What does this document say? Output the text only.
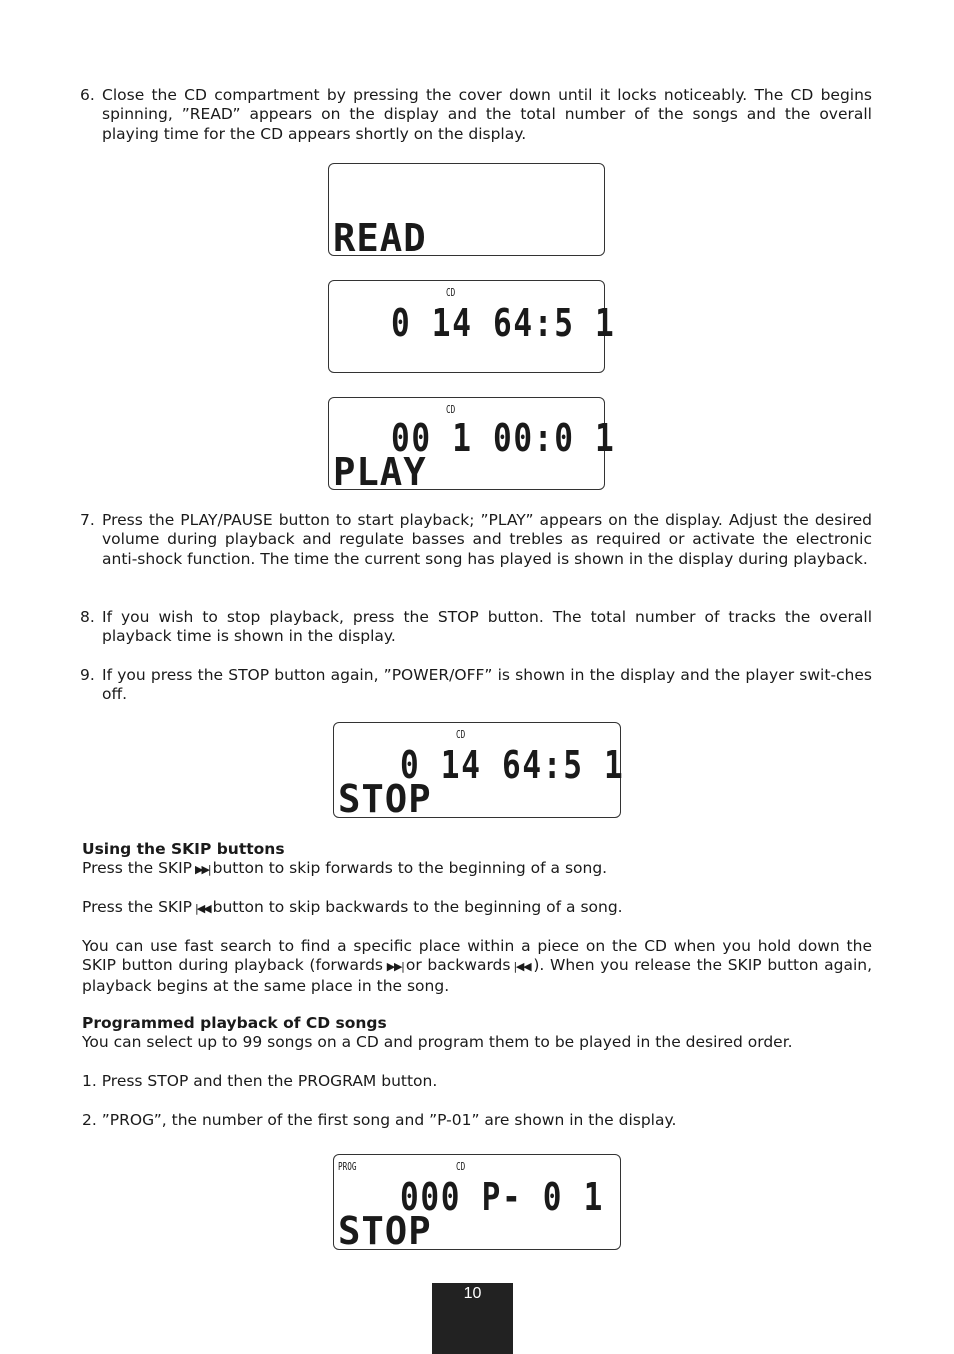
6. Close the CD compartment by pressing the cover down until it locks noticeably. The CD begins spinning, ”READ” appears on the display and the total number of the songs and the overall playing time for the CD appears shortly on the display.
READ
CD
0 14 64:5 1
CD
00 1 00:0 1
PLAY
7. Press the PLAY/PAUSE button to start playback; ”PLAY” appears on the display. Adjust the desired volume during playback and regulate basses and trebles as required or activate the electronic anti-shock function. The time the current song has played is shown in the display during playback.
8. If you wish to stop playback, press the STOP button. The total number of tracks the overall playback time is shown in the display.
9. If you press the STOP button again, ”POWER/OFF” is shown in the display and the player swit-ches off.
CD
0 14 64:5 1
STOP
Using the SKIP buttons
Press the SKIP ▶▶| button to skip forwards to the beginning of a song.
Press the SKIP |◀◀ button to skip backwards to the beginning of a song.
You can use fast search to find a specific place within a piece on the CD when you hold down the SKIP button during playback (forwards ▶▶| or backwards |◀◀ ). When you release the SKIP button again, playback begins at the same place in the song.
Programmed playback of CD songs
You can select up to 99 songs on a CD and program them to be played in the desired order.
1. Press STOP and then the PROGRAM button.
2. ”PROG”, the number of the first song and ”P-01” are shown in the display.
PROG	CD
000 P- 0 1
STOP
10
